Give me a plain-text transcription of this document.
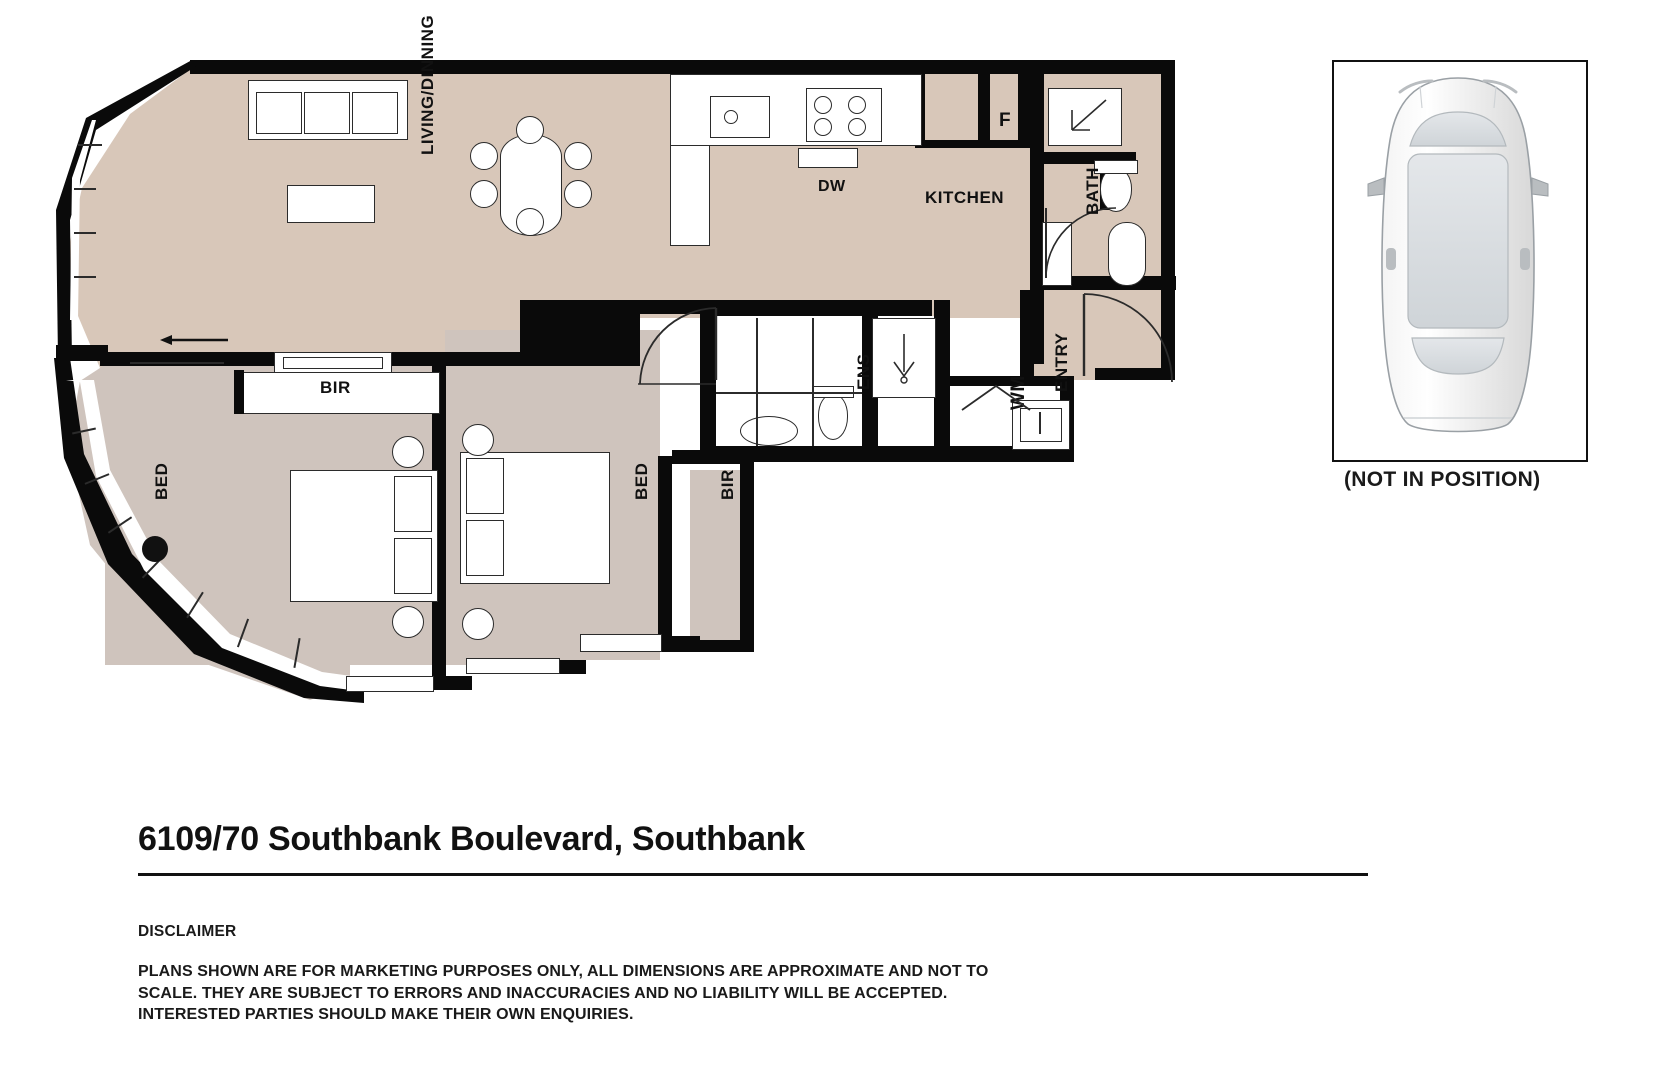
DW
F
KITCHEN	BATH
ENTRY
WM
ENS
BIR
BED	BED	BIR
LIVING/DINNING
(NOT IN POSITION)
6109/70 Southbank Boulevard, Southbank
DISCLAIMER
PLANS SHOWN ARE FOR MARKETING PURPOSES ONLY, ALL DIMENSIONS ARE APPROXIMATE AND NOT TO SCALE. THEY ARE SUBJECT TO ERRORS AND INACCURACIES AND NO LIABILITY WILL BE ACCEPTED. INTERESTED PARTIES SHOULD MAKE THEIR OWN ENQUIRIES.
